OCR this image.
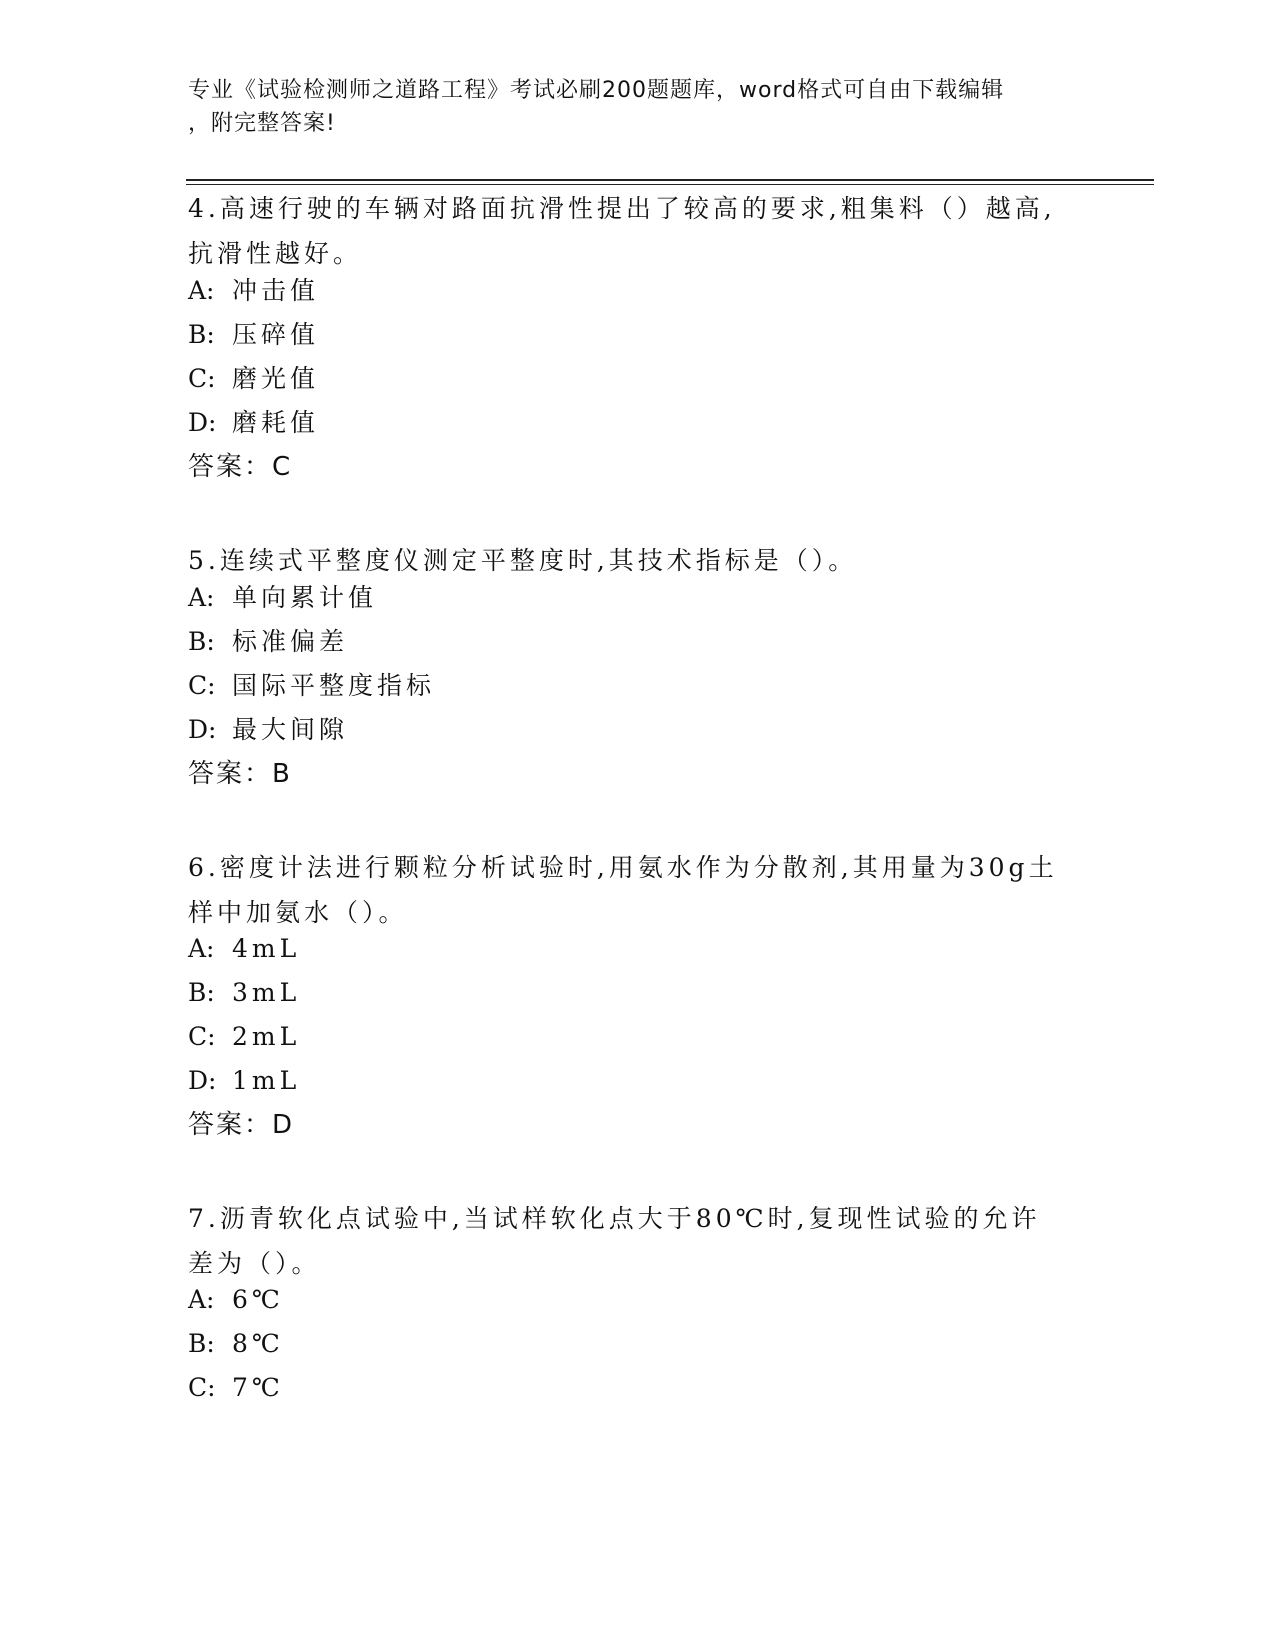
专业《试验检测师之道路工程》考试必刷200题题库，word格式可自由下载编辑
，附完整答案!
4.高速行驶的车辆对路面抗滑性提出了较高的要求,粗集料（）越高,抗滑性越好。
A: 冲击值
B: 压碎值
C: 磨光值
D: 磨耗值
答案：C
5.连续式平整度仪测定平整度时,其技术指标是（）。
A: 单向累计值
B: 标准偏差
C: 国际平整度指标
D: 最大间隙
答案：B
6.密度计法进行颗粒分析试验时,用氨水作为分散剂,其用量为30g土样中加氨水（）。
A: 4mL
B: 3mL
C: 2mL
D: 1mL
答案：D
7.沥青软化点试验中,当试样软化点大于80℃时,复现性试验的允许差为（）。
A: 6℃
B: 8℃
C: 7℃
